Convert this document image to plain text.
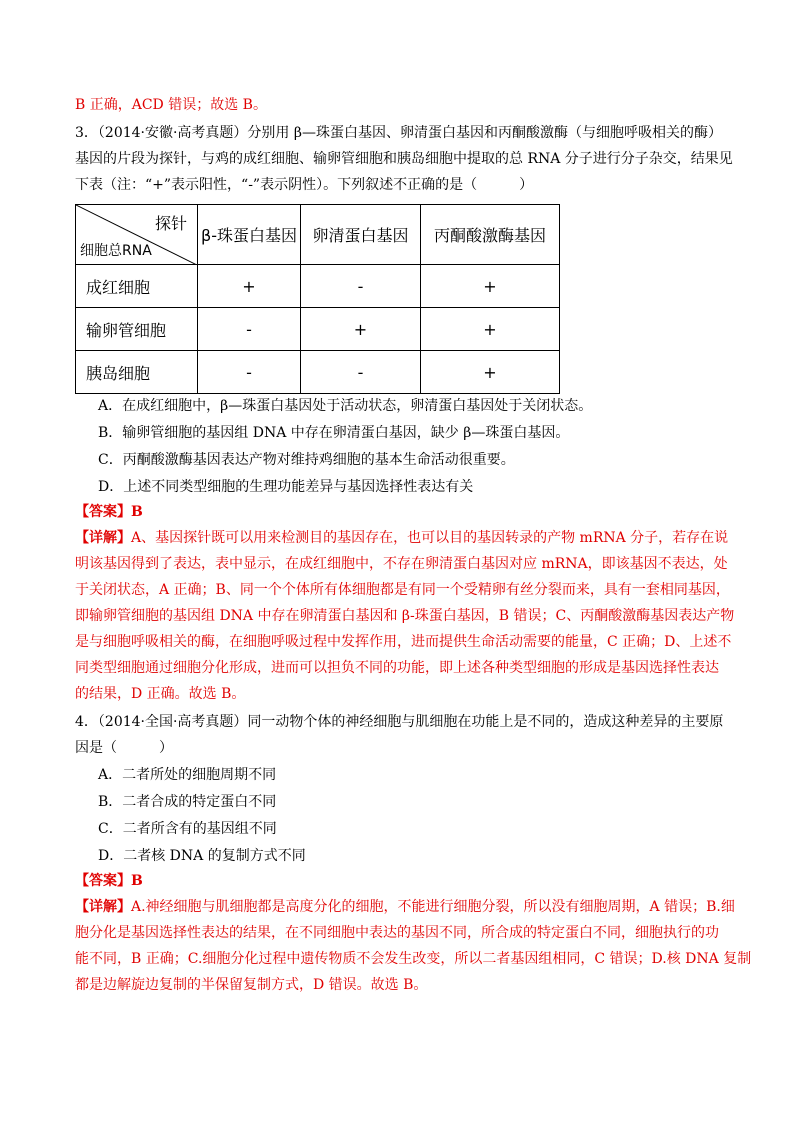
B 正确，ACD 错误；故选 B。
3．（2014·安徽·高考真题）分别用 β—珠蛋白基因、卵清蛋白基因和丙酮酸激酶（与细胞呼吸相关的酶）
基因的片段为探针，与鸡的成红细胞、输卵管细胞和胰岛细胞中提取的总 RNA 分子进行分子杂交，结果见
下表（注：“+”表示阳性，“-”表示阴性）。下列叙述不正确的是（　　　）
探针
细胞总RNA	β-珠蛋白基因	卵清蛋白基因	丙酮酸激酶基因
成红细胞	+	-	+
输卵管细胞	-	+	+
胰岛细胞	-	-	+
A．在成红细胞中，β—珠蛋白基因处于活动状态，卵清蛋白基因处于关闭状态。
B．输卵管细胞的基因组 DNA 中存在卵清蛋白基因，缺少 β—珠蛋白基因。
C．丙酮酸激酶基因表达产物对维持鸡细胞的基本生命活动很重要。
D．上述不同类型细胞的生理功能差异与基因选择性表达有关
【答案】B
【详解】A、基因探针既可以用来检测目的基因存在，也可以目的基因转录的产物 mRNA 分子，若存在说
明该基因得到了表达，表中显示，在成红细胞中，不存在卵清蛋白基因对应 mRNA，即该基因不表达，处
于关闭状态，A 正确；B、同一个个体所有体细胞都是有同一个受精卵有丝分裂而来，具有一套相同基因，
即输卵管细胞的基因组 DNA 中存在卵清蛋白基因和 β-珠蛋白基因，B 错误；C、丙酮酸激酶基因表达产物
是与细胞呼吸相关的酶，在细胞呼吸过程中发挥作用，进而提供生命活动需要的能量，C 正确；D、上述不
同类型细胞通过细胞分化形成，进而可以担负不同的功能，即上述各种类型细胞的形成是基因选择性表达
的结果，D 正确。故选 B。
4．（2014·全国·高考真题）同一动物个体的神经细胞与肌细胞在功能上是不同的，造成这种差异的主要原
因是（　　　）
A．二者所处的细胞周期不同
B．二者合成的特定蛋白不同
C．二者所含有的基因组不同
D．二者核 DNA 的复制方式不同
【答案】B
【详解】A.神经细胞与肌细胞都是高度分化的细胞，不能进行细胞分裂，所以没有细胞周期，A 错误；B.细
胞分化是基因选择性表达的结果，在不同细胞中表达的基因不同，所合成的特定蛋白不同，细胞执行的功
能不同，B 正确；C.细胞分化过程中遗传物质不会发生改变，所以二者基因组相同，C 错误；D.核 DNA 复制
都是边解旋边复制的半保留复制方式，D 错误。故选 B。
